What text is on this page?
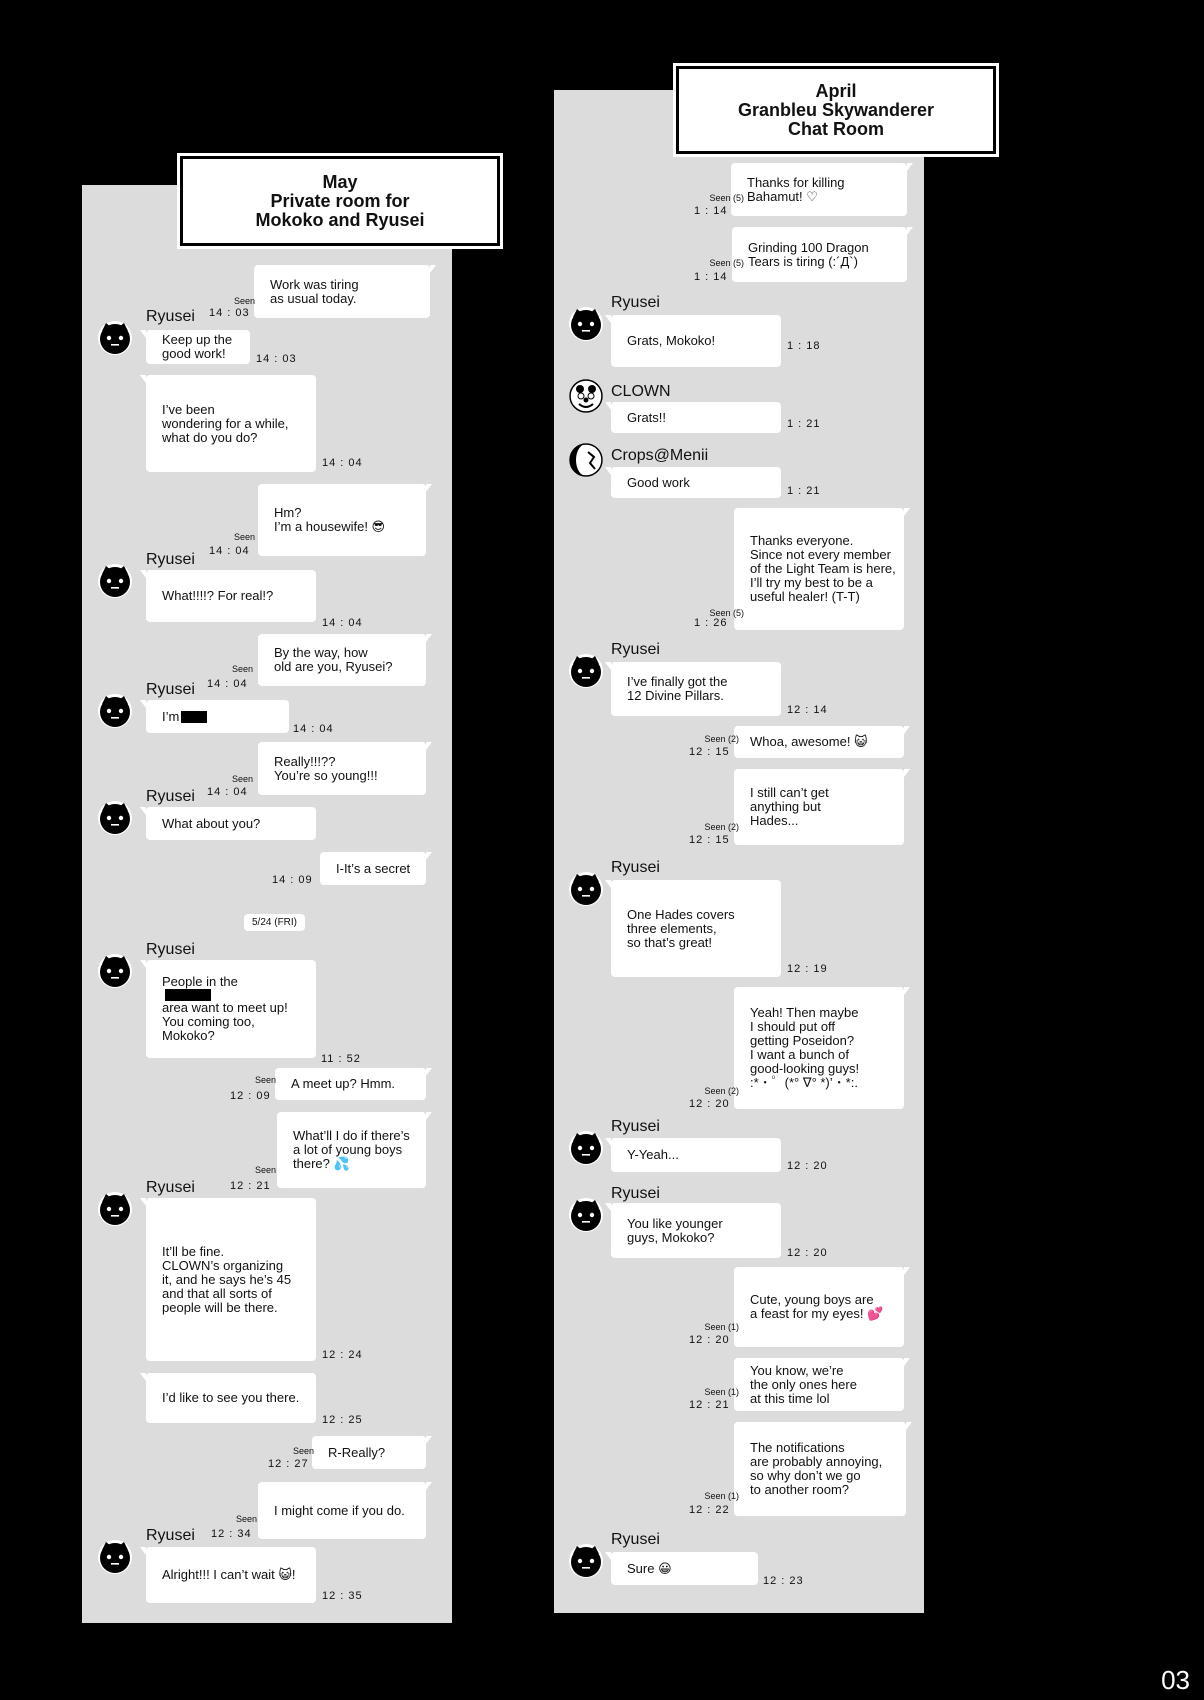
May
Private room for
Mokoko and Ryusei
April
Granbleu Skywanderer
Chat Room
Work was tiring
as usual today.
Seen
14 : 03
Keep up the
good work!
Ryusei
14 : 03
I’ve been
wondering for a while,
what do you do?
14 : 04
Hm?
I’m a housewife! 😎
Seen
14 : 04
What!!!!? For real!?
Ryusei
14 : 04
By the way, how
old are you, Ryusei?
Seen
14 : 04
I’m
Ryusei
14 : 04
Really!!!??
You’re so young!!!
Seen
14 : 04
What about you?
Ryusei
I-It’s a secret
14 : 09
People in the
area want to meet up!
You coming too,
Mokoko?
Ryusei
11 : 52
A meet up? Hmm.
Seen
12 : 09
What’ll I do if there’s
a lot of young boys
there? 💦
Seen
12 : 21
It’ll be fine.
CLOWN’s organizing
it, and he says he’s 45
and that all sorts of
people will be there.
Ryusei
12 : 24
I’d like to see you there.
12 : 25
R-Really?
Seen
12 : 27
I might come if you do.
Seen
12 : 34
Alright!!! I can’t wait 😺!
Ryusei
12 : 35
Thanks for killing
Bahamut! ♡
Seen (5)
1 : 14
Grinding 100 Dragon
Tears is tiring (:´Д`)
Seen (5)
1 : 14
Grats, Mokoko!
Ryusei
1 : 18
Grats!!
CLOWN
1 : 21
Good work
Crops@Menii
1 : 21
Thanks everyone.
Since not every member
of the Light Team is here,
I’ll try my best to be a
useful healer! (T-T)
Seen (5)
1 : 26
I’ve finally got the
12 Divine Pillars.
Ryusei
12 : 14
Whoa, awesome! 😺
Seen (2)
12 : 15
I still can’t get
anything but
Hades...
Seen (2)
12 : 15
One Hades covers
three elements,
so that’s great!
Ryusei
12 : 19
Yeah! Then maybe
I should put off
getting Poseidon?
I want a bunch of
good-looking guys!
:*・゜(*° ∇° *)’・*:.
Seen (2)
12 : 20
Y-Yeah...
Ryusei
12 : 20
You like younger
guys, Mokoko?
Ryusei
12 : 20
Cute, young boys are
a feast for my eyes! 💕
Seen (1)
12 : 20
You know, we’re
the only ones here
at this time lol
Seen (1)
12 : 21
The notifications
are probably annoying,
so why don’t we go
to another room?
Seen (1)
12 : 22
Sure 😀
Ryusei
12 : 23
5/24 (FRI)
03
